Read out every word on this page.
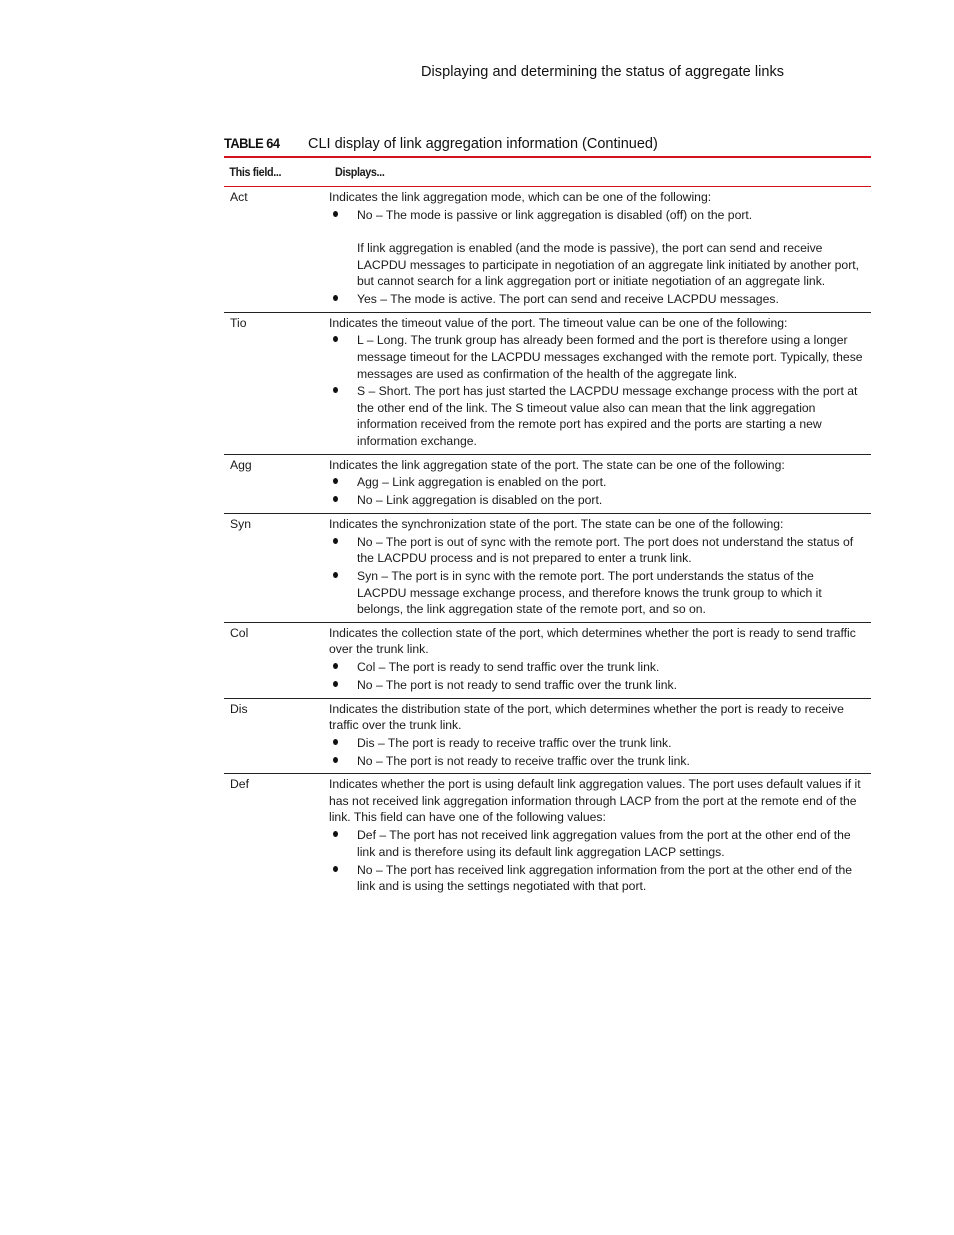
Displaying and determining the status of aggregate links
TABLE 64 CLI display of link aggregation information (Continued)
This field...	Displays...
Act	Indicates the link aggregation mode, which can be one of the following:
No – The mode is passive or link aggregation is disabled (off) on the port.
If link aggregation is enabled (and the mode is passive), the port can send and receive LACPDU messages to participate in negotiation of an aggregate link initiated by another port, but cannot search for a link aggregation port or initiate negotiation of an aggregate link.
Yes – The mode is active. The port can send and receive LACPDU messages.
Tio	Indicates the timeout value of the port. The timeout value can be one of the following:
L – Long. The trunk group has already been formed and the port is therefore using a longer message timeout for the LACPDU messages exchanged with the remote port. Typically, these messages are used as confirmation of the health of the aggregate link.
S – Short. The port has just started the LACPDU message exchange process with the port at the other end of the link. The S timeout value also can mean that the link aggregation information received from the remote port has expired and the ports are starting a new information exchange.
Agg	Indicates the link aggregation state of the port. The state can be one of the following:
Agg – Link aggregation is enabled on the port.
No – Link aggregation is disabled on the port.
Syn	Indicates the synchronization state of the port. The state can be one of the following:
No – The port is out of sync with the remote port. The port does not understand the status of the LACPDU process and is not prepared to enter a trunk link.
Syn – The port is in sync with the remote port. The port understands the status of the LACPDU message exchange process, and therefore knows the trunk group to which it belongs, the link aggregation state of the remote port, and so on.
Col	Indicates the collection state of the port, which determines whether the port is ready to send traffic over the trunk link.
Col – The port is ready to send traffic over the trunk link.
No – The port is not ready to send traffic over the trunk link.
Dis	Indicates the distribution state of the port, which determines whether the port is ready to receive traffic over the trunk link.
Dis – The port is ready to receive traffic over the trunk link.
No – The port is not ready to receive traffic over the trunk link.
Def	Indicates whether the port is using default link aggregation values. The port uses default values if it has not received link aggregation information through LACP from the port at the remote end of the link. This field can have one of the following values:
Def – The port has not received link aggregation values from the port at the other end of the link and is therefore using its default link aggregation LACP settings.
No – The port has received link aggregation information from the port at the other end of the link and is using the settings negotiated with that port.
